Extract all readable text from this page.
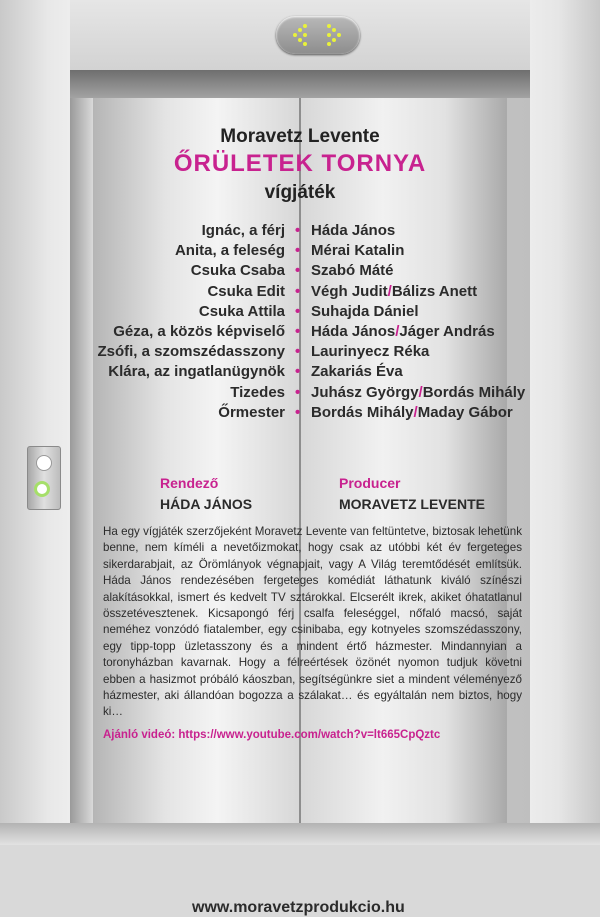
Moravetz Levente
ŐRÜLETEK TORNYA
vígjáték
Ignác, a férj • Háda János
Anita, a feleség • Mérai Katalin
Csuka Csaba • Szabó Máté
Csuka Edit • Végh Judit/Bálizs Anett
Csuka Attila • Suhajda Dániel
Géza, a közös képviselő • Háda János/Jáger András
Zsófi, a szomszédasszony • Laurinyecz Réka
Klára, az ingatlanügynök • Zakariás Éva
Tizedes • Juhász György/Bordás Mihály
Őrmester • Bordás Mihály/Maday Gábor
Rendező
HÁDA JÁNOS
Producer
MORAVETZ LEVENTE
Ha egy vígjáték szerzőjeként Moravetz Levente van feltüntetve, biztosak lehetünk benne, nem kíméli a nevetőizmokat, hogy csak az utóbbi két év fergeteges sikerdarabjait, az Örömlányok végnapjait, vagy A Világ teremtődését említsük. Háda János rendezésében fergeteges komédiát láthatunk kiváló színészi alakításokkal, ismert és kedvelt TV sztárokkal. Elcserélt ikrek, akiket óhatatlanul összetévesztenek. Kicsapongó férj csalfa feleséggel, nőfaló macsó, saját neméhez vonzódó fiatalember, egy csinibaba, egy kotnyeles szomszédasszony, egy tipp-topp üzletasszony és a mindent értő házmester. Mindannyian a toronyházban kavarnak. Hogy a félreértések özönét nyomon tudjuk követni ebben a hasizmot próbáló káoszban, segítségünkre siet a mindent véleményező házmester, aki állandóan bogozza a szálakat… és egyáltalán nem biztos, hogy ki…
Ajánló videó: https://www.youtube.com/watch?v=lt665CpQztc
www.moravetzprodukcio.hu
